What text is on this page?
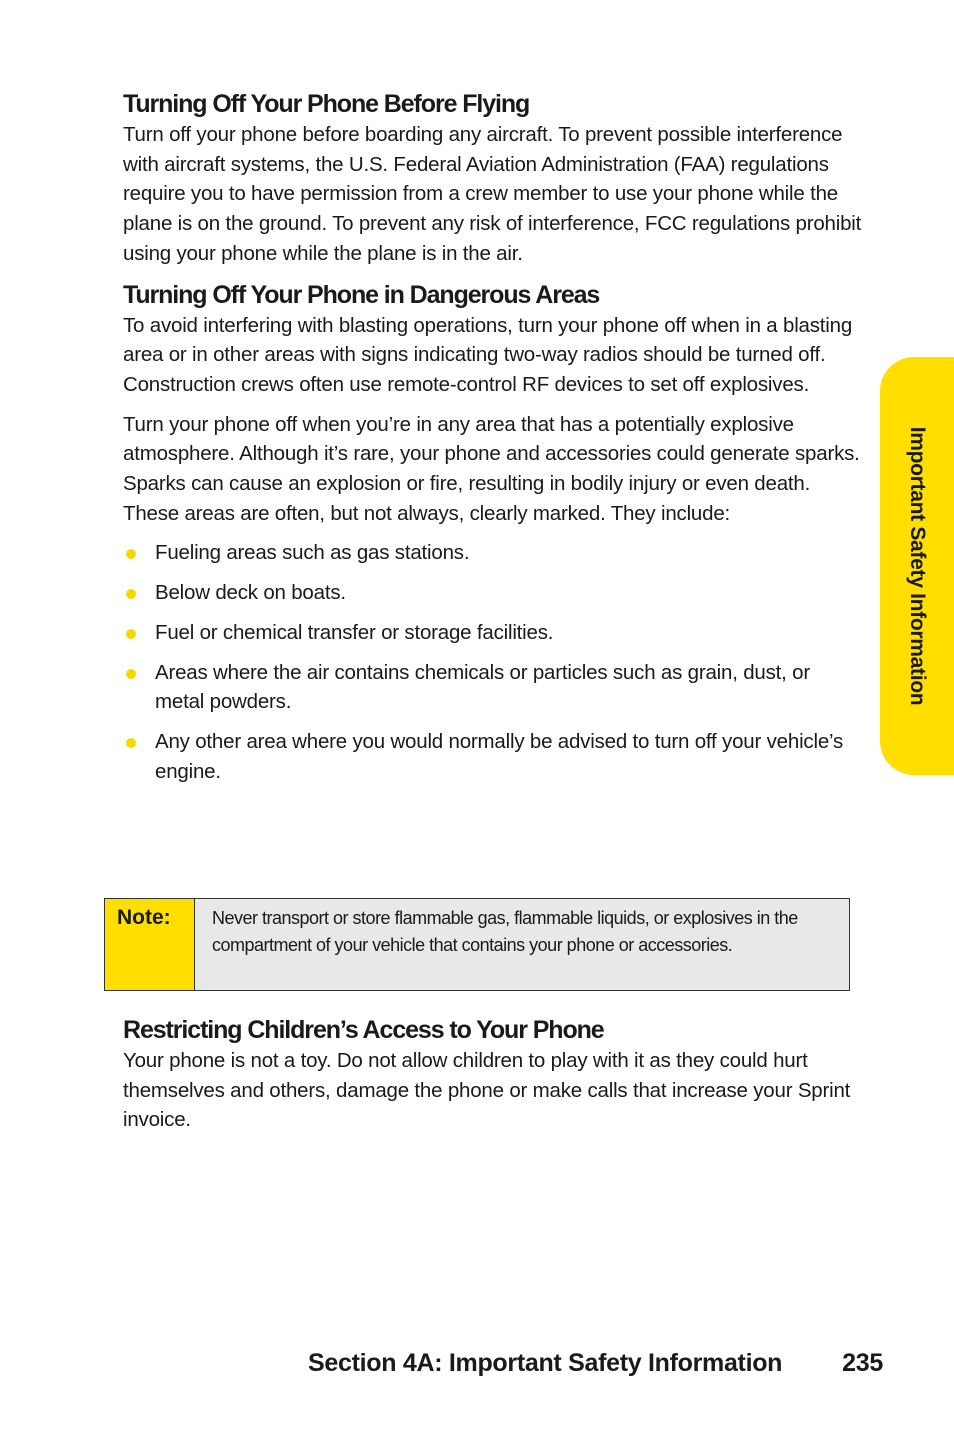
Turning Off Your Phone Before Flying

Turn off your phone before boarding any aircraft. To prevent possible interference with aircraft systems, the U.S. Federal Aviation Administration (FAA) regulations require you to have permission from a crew member to use your phone while the plane is on the ground. To prevent any risk of interference, FCC regulations prohibit using your phone while the plane is in the air.

Turning Off Your Phone in Dangerous Areas

To avoid interfering with blasting operations, turn your phone off when in a blasting area or in other areas with signs indicating two-way radios should be turned off. Construction crews often use remote-control RF devices to set off explosives.

Turn your phone off when you’re in any area that has a potentially explosive atmosphere. Although it’s rare, your phone and accessories could generate sparks. Sparks can cause an explosion or fire, resulting in bodily injury or even death. These areas are often, but not always, clearly marked. They include:

Fueling areas such as gas stations.
Below deck on boats.
Fuel or chemical transfer or storage facilities.
Areas where the air contains chemicals or particles such as grain, dust, or metal powders.
Any other area where you would normally be advised to turn off your vehicle’s engine.
Note:	Never transport or store flammable gas, flammable liquids, or explosives in the compartment of your vehicle that contains your phone or accessories.
Restricting Children’s Access to Your Phone

Your phone is not a toy. Do not allow children to play with it as they could hurt themselves and others, damage the phone or make calls that increase your Sprint invoice.

Important Safety Information
Section 4A: Important Safety Information 235
